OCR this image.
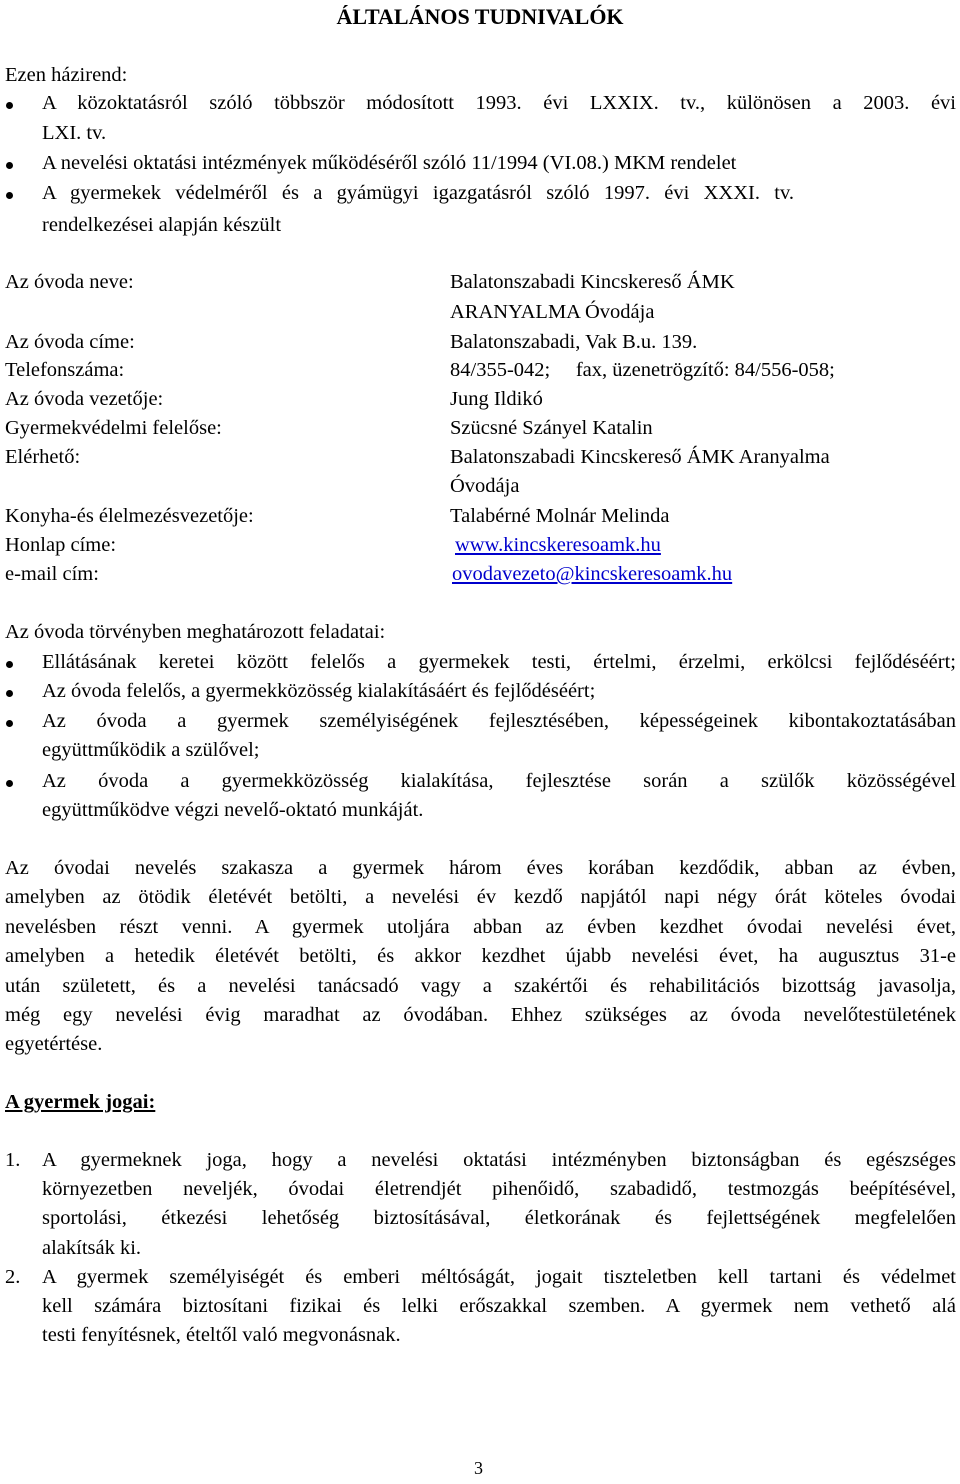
ÁLTALÁNOS TUDNIVALÓK
Ezen házirend:
A közoktatásról szóló többször módosított 1993. évi LXXIX. tv., különösen a 2003. évi
LXI. tv.
A nevelési oktatási intézmények működéséről szóló 11/1994 (VI.08.) MKM rendelet
A gyermekek védelméről és a gyámügyi igazgatásról szóló 1997. évi XXXI. tv.
rendelkezései alapján készült
Az óvoda neve:	Balatonszabadi Kincskereső ÁMK
ARANYALMA Óvodája
Az óvoda címe:	Balatonszabadi, Vak B.u. 139.
Telefonszáma:	84/355-042;     fax, üzenetrögzítő: 84/556-058;
Az óvoda vezetője:	Jung Ildikó
Gyermekvédelmi felelőse:	Szücsné Szányel Katalin
Elérhető:	Balatonszabadi Kincskereső ÁMK Aranyalma
Óvodája
Konyha-és élelmezésvezetője:	Talabérné Molnár Melinda
Honlap címe:	www.kincskeresoamk.hu
e-mail cím:	ovodavezeto@kincskeresoamk.hu
Az óvoda törvényben meghatározott feladatai:
Ellátásának keretei között felelős a gyermekek testi, értelmi, érzelmi, erkölcsi fejlődéséért;
Az óvoda felelős, a gyermekközösség kialakításáért és fejlődéséért;
Az óvoda a gyermek személyiségének fejlesztésében, képességeinek kibontakoztatásában
együttműködik a szülővel;
Az óvoda a gyermekközösség kialakítása, fejlesztése során a szülők közösségével
együttműködve végzi nevelő-oktató munkáját.
Az óvodai nevelés szakasza a gyermek három éves korában kezdődik, abban az évben,
amelyben az ötödik életévét betölti, a nevelési év kezdő napjától napi négy órát köteles óvodai
nevelésben részt venni. A gyermek utoljára abban az évben kezdhet óvodai nevelési évet,
amelyben a hetedik életévét betölti, és akkor kezdhet újabb nevelési évet, ha augusztus 31-e
után született, és a nevelési tanácsadó vagy a szakértői és rehabilitációs bizottság javasolja,
még egy nevelési évig maradhat az óvodában. Ehhez szükséges az óvoda nevelőtestületének
egyetértése.
A gyermek jogai:
1. A gyermeknek joga, hogy a nevelési oktatási intézményben biztonságban és egészséges
környezetben neveljék, óvodai életrendjét pihenőidő, szabadidő, testmozgás beépítésével,
sportolási, étkezési lehetőség biztosításával, életkorának és fejlettségének megfelelően
alakítsák ki.
2. A gyermek személyiségét és emberi méltóságát, jogait tiszteletben kell tartani és védelmet
kell számára biztosítani fizikai és lelki erőszakkal szemben. A gyermek nem vethető alá
testi fenyítésnek, ételtől való megvonásnak.
3
